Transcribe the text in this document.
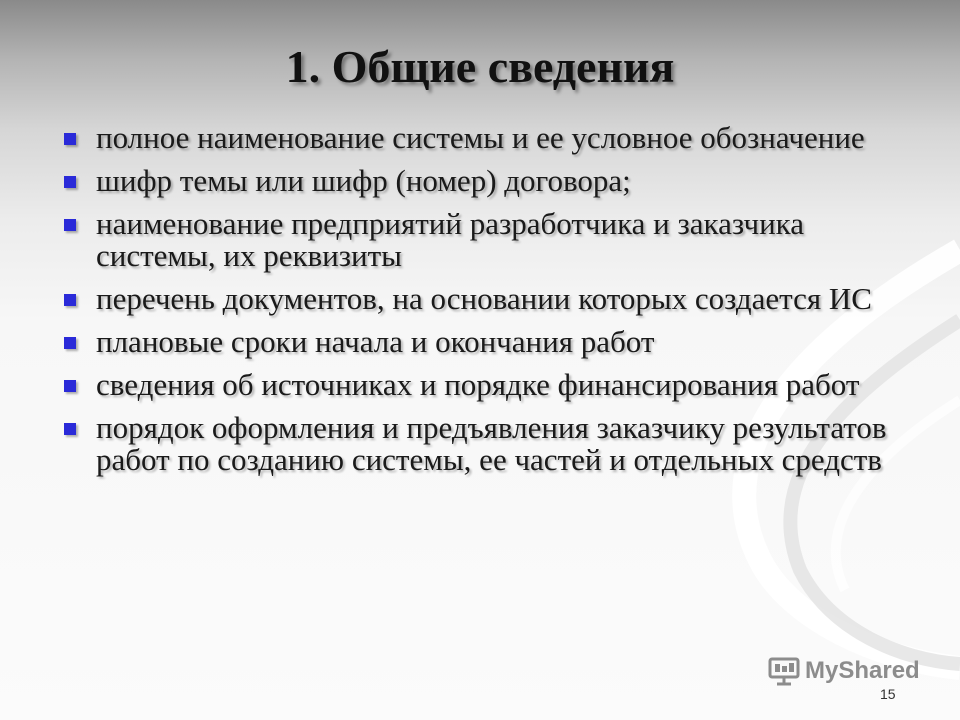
1. Общие сведения
полное наименование системы и ее условное обозначение
шифр темы или шифр (номер) договора;
наименование предприятий разработчика и заказчика системы, их реквизиты
перечень документов, на основании которых создается ИС
плановые сроки начала и окончания работ
сведения об источниках и порядке финансирования работ
порядок оформления и предъявления заказчику результатов работ по созданию системы, ее частей и отдельных средств
MyShared
15
